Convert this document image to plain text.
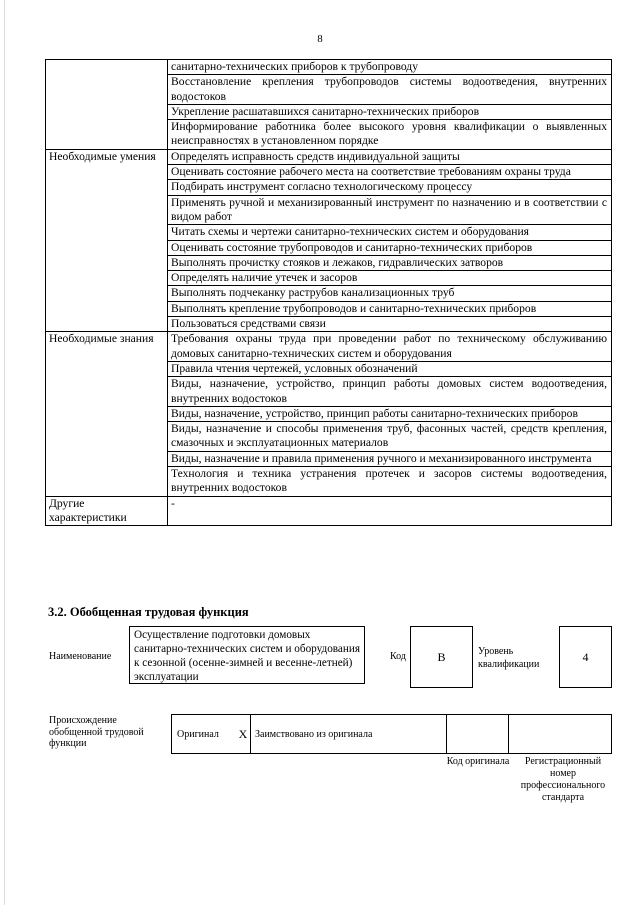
8
	санитарно-технических приборов к трубопроводу
	Восстановление крепления трубопроводов системы водоотведения, внутренних водостоков
	Укрепление расшатавшихся санитарно-технических приборов
	Информирование работника более высокого уровня квалификации о выявленных неисправностях в установленном порядке
Необходимые умения	Определять исправность средств индивидуальной защиты
	Оценивать состояние рабочего места на соответствие требованиям охраны труда
	Подбирать инструмент согласно технологическому процессу
	Применять ручной и механизированный инструмент по назначению и в соответствии с видом работ
	Читать схемы и чертежи санитарно-технических систем и оборудования
	Оценивать состояние трубопроводов и санитарно-технических приборов
	Выполнять прочистку стояков и лежаков, гидравлических затворов
	Определять наличие утечек и засоров
	Выполнять подчеканку раструбов канализационных труб
	Выполнять крепление трубопроводов и санитарно-технических приборов
	Пользоваться средствами связи
Необходимые знания	Требования охраны труда при проведении работ по техническому обслуживанию домовых санитарно-технических систем и оборудования
	Правила чтения чертежей, условных обозначений
	Виды, назначение, устройство, принцип работы домовых систем водоотведения, внутренних водостоков
	Виды, назначение, устройство, принцип работы санитарно-технических приборов
	Виды, назначение и способы применения труб, фасонных частей, средств крепления, смазочных и эксплуатационных материалов
	Виды, назначение и правила применения ручного и механизированного инструмента
	Технология и техника устранения протечек и засоров системы водоотведения, внутренних водостоков
Другие характеристики	-
3.2. Обобщенная трудовая функция
Наименование
Осуществление подготовки домовых санитарно-технических систем и оборудования к сезонной (осенне-зимней и весенне-летней) эксплуатации
Код	B	Уровень квалификации
4
Происхождение обобщенной трудовой функции
Оригинал	X	Заимствовано из оригинала		
Код оригинала	Регистрационный номер профессионального стандарта
